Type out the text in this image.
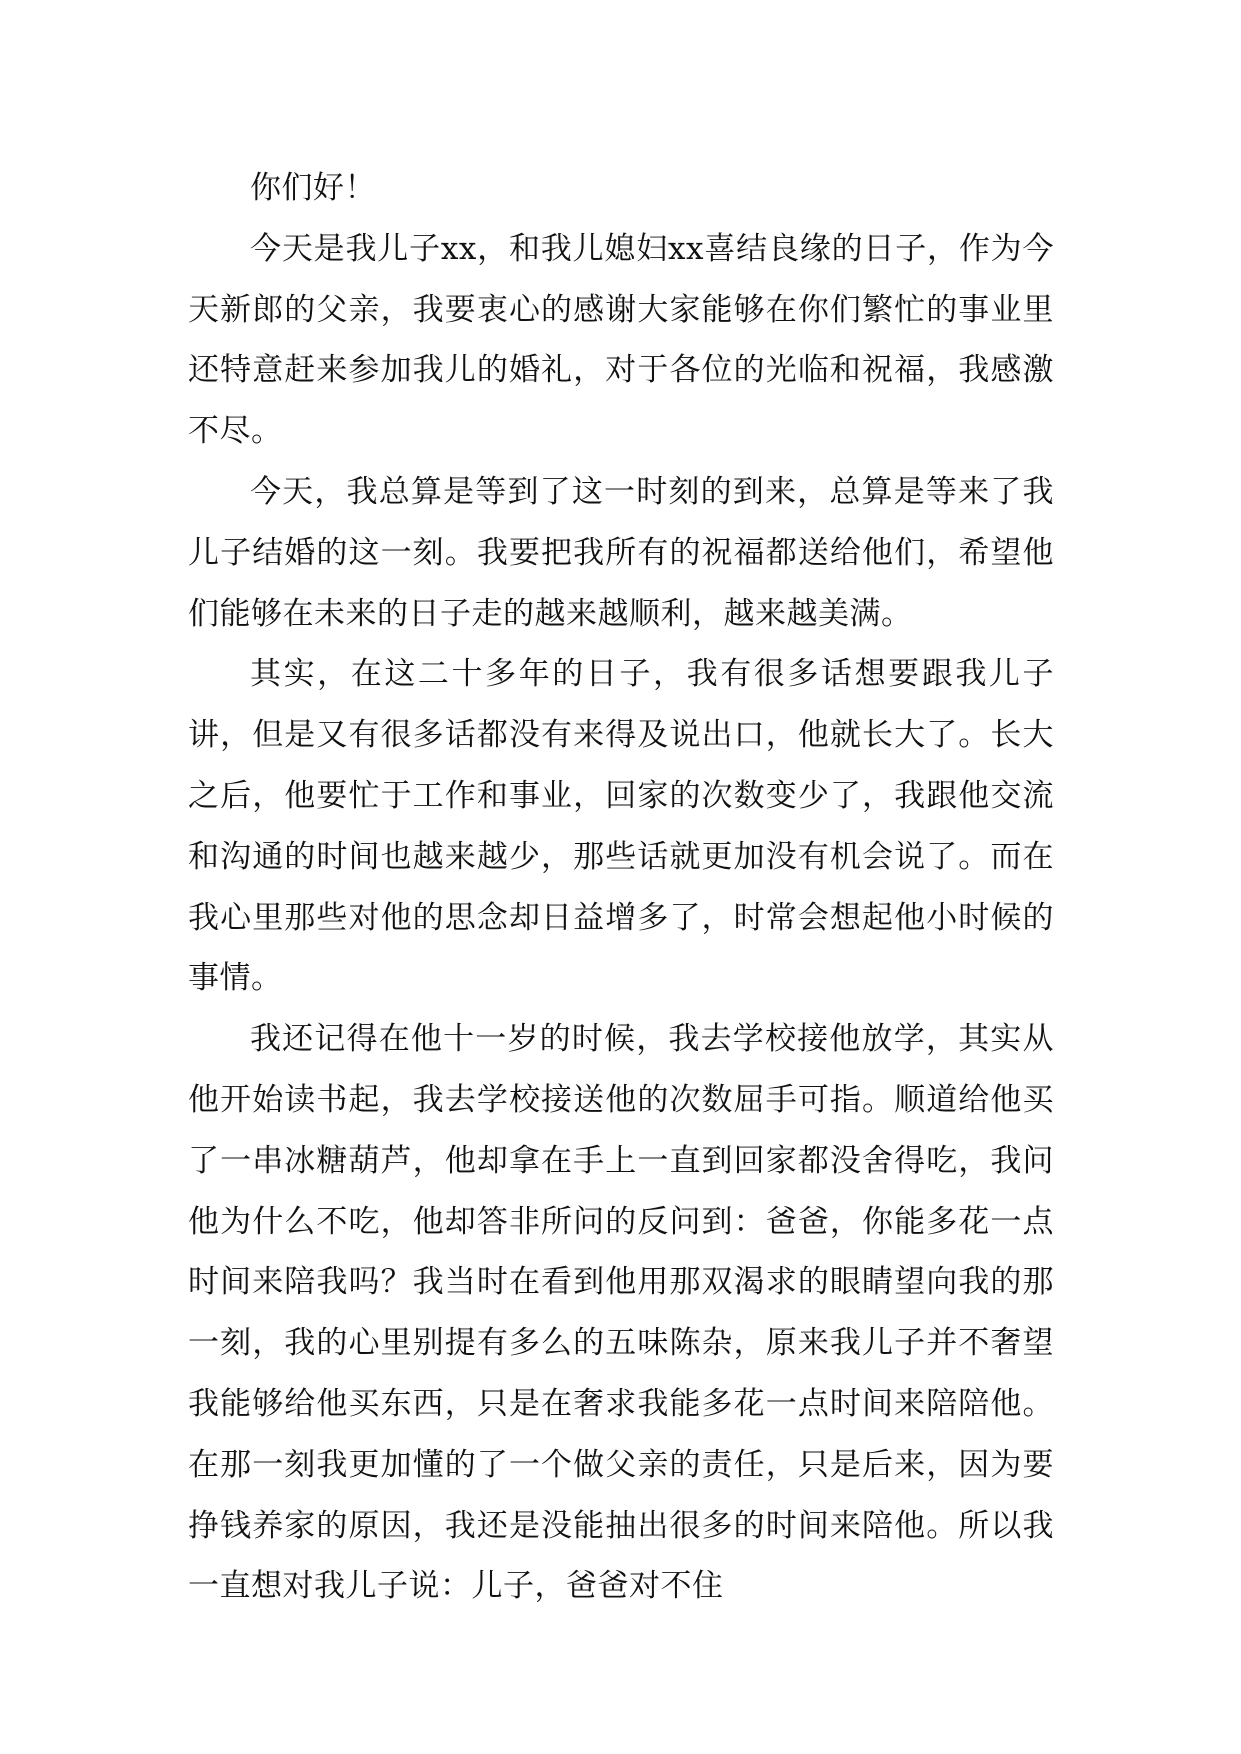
你们好！

今天是我儿子xx，和我儿媳妇xx喜结良缘的日子，作为今天新郎的父亲，我要衷心的感谢大家能够在你们繁忙的事业里还特意赶来参加我儿的婚礼，对于各位的光临和祝福，我感激不尽。

今天，我总算是等到了这一时刻的到来，总算是等来了我儿子结婚的这一刻。我要把我所有的祝福都送给他们，希望他们能够在未来的日子走的越来越顺利，越来越美满。

其实，在这二十多年的日子，我有很多话想要跟我儿子讲，但是又有很多话都没有来得及说出口，他就长大了。长大之后，他要忙于工作和事业，回家的次数变少了，我跟他交流和沟通的时间也越来越少，那些话就更加没有机会说了。而在我心里那些对他的思念却日益增多了，时常会想起他小时候的事情。

我还记得在他十一岁的时候，我去学校接他放学，其实从他开始读书起，我去学校接送他的次数屈手可指。顺道给他买了一串冰糖葫芦，他却拿在手上一直到回家都没舍得吃，我问他为什么不吃，他却答非所问的反问到：爸爸，你能多花一点时间来陪我吗？我当时在看到他用那双渴求的眼睛望向我的那一刻，我的心里别提有多么的五味陈杂，原来我儿子并不奢望我能够给他买东西，只是在奢求我能多花一点时间来陪陪他。在那一刻我更加懂的了一个做父亲的责任，只是后来，因为要挣钱养家的原因，我还是没能抽出很多的时间来陪他。所以我一直想对我儿子说：儿子，爸爸对不住
